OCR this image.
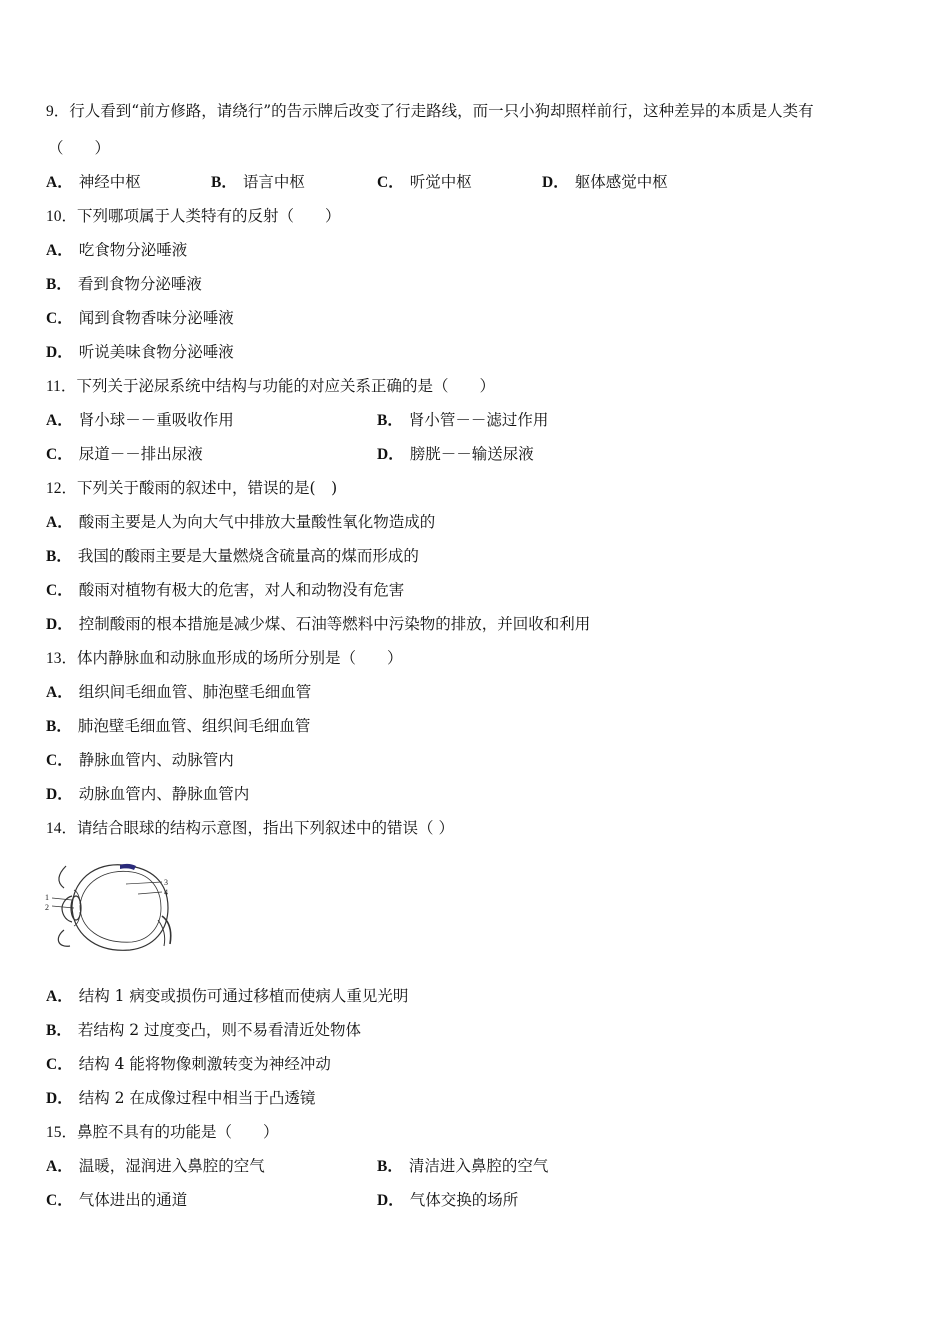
9．行人看到“前方修路，请绕行”的告示牌后改变了行走路线，而一只小狗却照样前行，这种差异的本质是人类有
（　　）
A． 神经中枢	B． 语言中枢	C． 听觉中枢	D． 躯体感觉中枢
10．下列哪项属于人类特有的反射（　　）
A． 吃食物分泌唾液
B． 看到食物分泌唾液
C． 闻到食物香味分泌唾液
D． 听说美味食物分泌唾液
11．下列关于泌尿系统中结构与功能的对应关系正确的是（　　）
A． 肾小球－－重吸收作用	B． 肾小管－－滤过作用
C． 尿道－－排出尿液	D． 膀胱－－输送尿液
12．下列关于酸雨的叙述中，错误的是(　)
A． 酸雨主要是人为向大气中排放大量酸性氧化物造成的
B． 我国的酸雨主要是大量燃烧含硫量高的煤而形成的
C． 酸雨对植物有极大的危害，对人和动物没有危害
D． 控制酸雨的根本措施是减少煤、石油等燃料中污染物的排放，并回收和利用
13．体内静脉血和动脉血形成的场所分别是（　　）
A． 组织间毛细血管、肺泡壁毛细血管
B． 肺泡壁毛细血管、组织间毛细血管
C． 静脉血管内、动脉管内
D． 动脉血管内、静脉血管内
14．请结合眼球的结构示意图，指出下列叙述中的错误（ ）
1
2
3
4
A． 结构 1 病变或损伤可通过移植而使病人重见光明
B． 若结构 2 过度变凸，则不易看清近处物体
C． 结构 4 能将物像刺激转变为神经冲动
D． 结构 2 在成像过程中相当于凸透镜
15．鼻腔不具有的功能是（　　）
A． 温暖，湿润进入鼻腔的空气	B． 清洁进入鼻腔的空气
C． 气体进出的通道	D． 气体交换的场所
